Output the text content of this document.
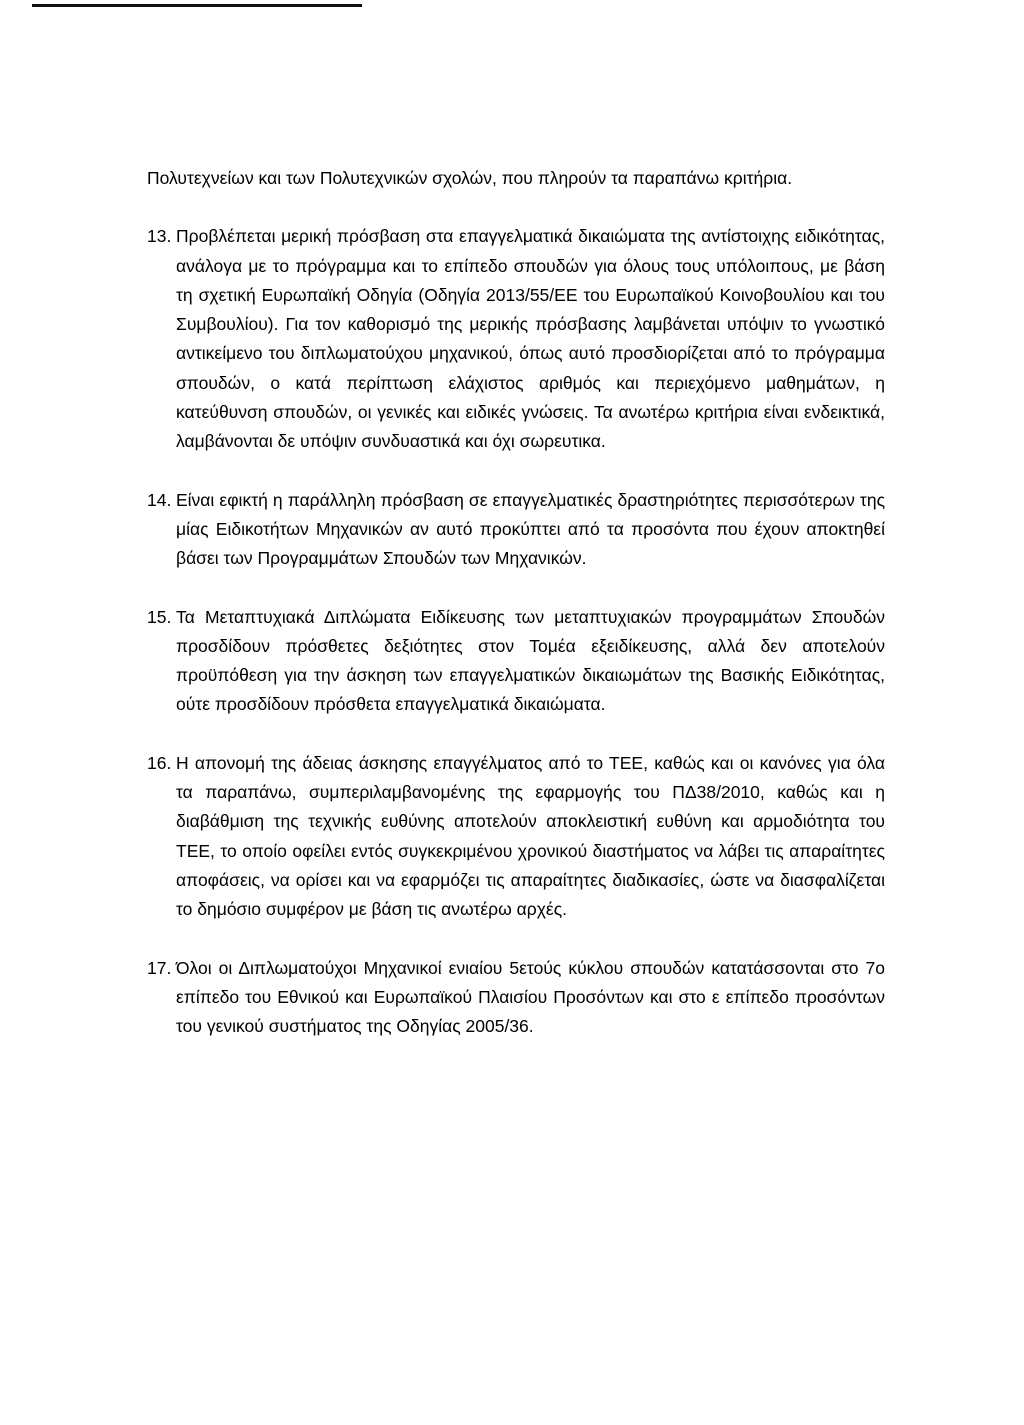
Πολυτεχνείων και των Πολυτεχνικών σχολών, που πληρούν τα παραπάνω κριτήρια.

13. Προβλέπεται μερική πρόσβαση στα επαγγελματικά δικαιώματα της αντίστοιχης ειδικότητας, ανάλογα με το πρόγραμμα και το επίπεδο σπουδών για όλους τους υπόλοιπους, με βάση τη σχετική Ευρωπαϊκή Οδηγία (Οδηγία 2013/55/ΕΕ του Ευρωπαϊκού Κοινοβουλίου και του Συμβουλίου). Για τον καθορισμό της μερικής πρόσβασης λαμβάνεται υπόψιν το γνωστικό αντικείμενο του διπλωματούχου μηχανικού, όπως αυτό προσδιορίζεται από το πρόγραμμα σπουδών, ο κατά περίπτωση ελάχιστος αριθμός και περιεχόμενο μαθημάτων, η κατεύθυνση σπουδών, οι γενικές και ειδικές γνώσεις. Τα ανωτέρω κριτήρια είναι ενδεικτικά, λαμβάνονται δε υπόψιν συνδυαστικά και όχι σωρευτικα.
14. Είναι εφικτή η παράλληλη πρόσβαση σε επαγγελματικές δραστηριότητες περισσότερων της μίας Ειδικοτήτων Μηχανικών αν αυτό προκύπτει από τα προσόντα που έχουν αποκτηθεί βάσει των Προγραμμάτων Σπουδών των Μηχανικών.
15. Τα Μεταπτυχιακά Διπλώματα Ειδίκευσης των μεταπτυχιακών προγραμμάτων Σπουδών προσδίδουν πρόσθετες δεξιότητες στον Τομέα εξειδίκευσης, αλλά δεν αποτελούν προϋπόθεση για την άσκηση των επαγγελματικών δικαιωμάτων της Βασικής Ειδικότητας, ούτε προσδίδουν πρόσθετα επαγγελματικά δικαιώματα.
16. Η απονομή της άδειας άσκησης επαγγέλματος από το ΤΕΕ, καθώς και οι κανόνες για όλα τα παραπάνω, συμπεριλαμβανομένης της εφαρμογής του ΠΔ38/2010, καθώς και η διαβάθμιση της τεχνικής ευθύνης αποτελούν αποκλειστική ευθύνη και αρμοδιότητα του ΤΕΕ, το οποίο οφείλει εντός συγκεκριμένου χρονικού διαστήματος να λάβει τις απαραίτητες αποφάσεις, να ορίσει και να εφαρμόζει τις απαραίτητες διαδικασίες, ώστε να διασφαλίζεται το δημόσιο συμφέρον με βάση τις ανωτέρω αρχές.
17. Όλοι οι Διπλωματούχοι Μηχανικοί ενιαίου 5ετούς κύκλου σπουδών κατατάσσονται στο 7ο επίπεδο του Εθνικού και Ευρωπαϊκού Πλαισίου Προσόντων και στο ε επίπεδο προσόντων του γενικού συστήματος της Οδηγίας 2005/36.
